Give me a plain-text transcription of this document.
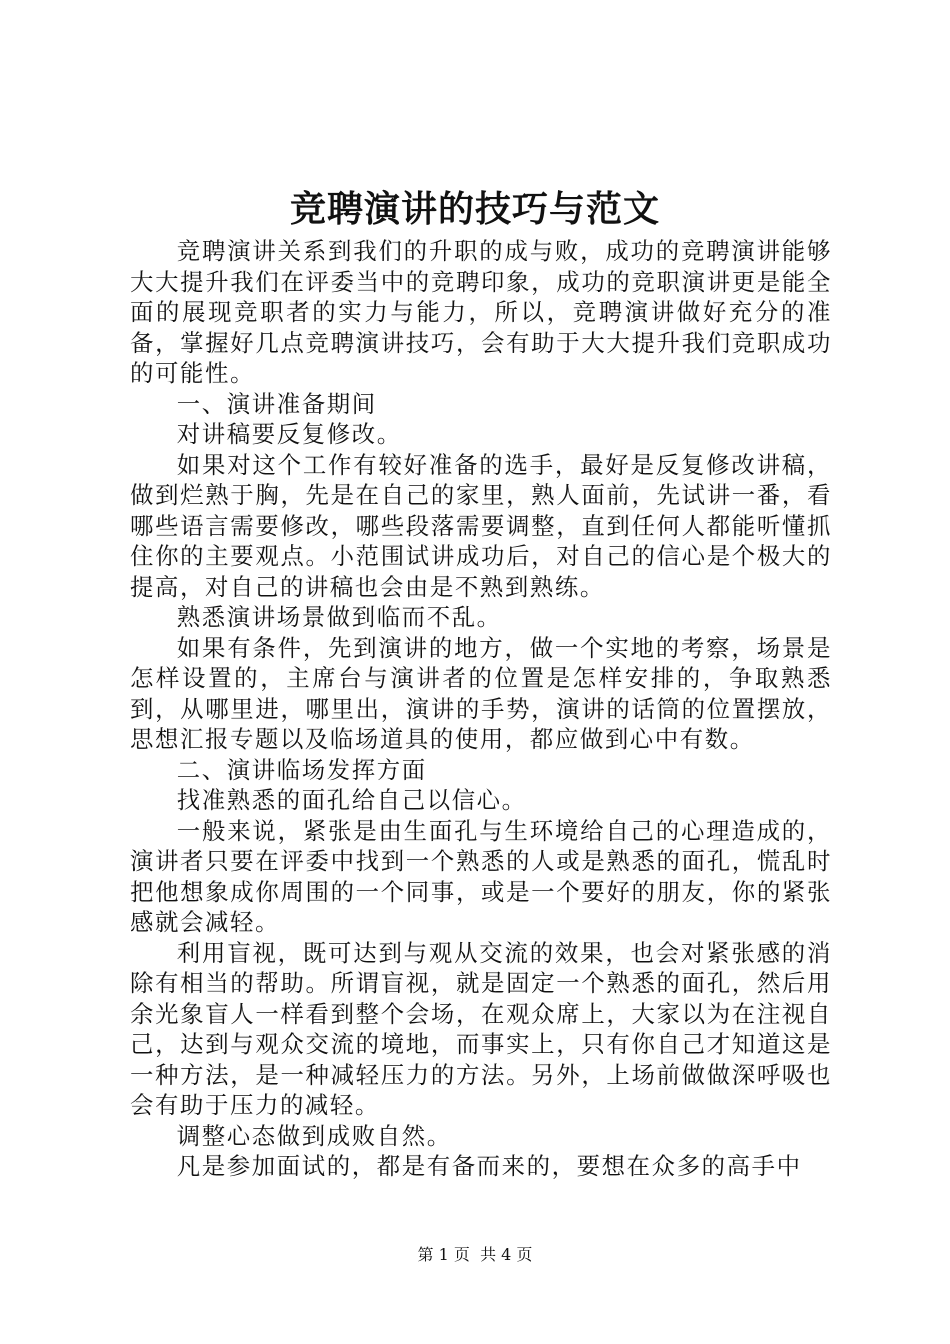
竞聘演讲的技巧与范文

竞聘演讲关系到我们的升职的成与败，成功的竞聘演讲能够大大提升我们在评委当中的竞聘印象，成功的竞职演讲更是能全面的展现竞职者的实力与能力，所以，竞聘演讲做好充分的准备，掌握好几点竞聘演讲技巧，会有助于大大提升我们竞职成功的可能性。

一、演讲准备期间

对讲稿要反复修改。

如果对这个工作有较好准备的选手，最好是反复修改讲稿，做到烂熟于胸，先是在自己的家里，熟人面前，先试讲一番，看哪些语言需要修改，哪些段落需要调整，直到任何人都能听懂抓住你的主要观点。小范围试讲成功后，对自己的信心是个极大的提高，对自己的讲稿也会由是不熟到熟练。

熟悉演讲场景做到临而不乱。

如果有条件，先到演讲的地方，做一个实地的考察，场景是怎样设置的，主席台与演讲者的位置是怎样安排的，争取熟悉到，从哪里进，哪里出，演讲的手势，演讲的话筒的位置摆放，思想汇报专题以及临场道具的使用，都应做到心中有数。

二、演讲临场发挥方面

找准熟悉的面孔给自己以信心。

一般来说，紧张是由生面孔与生环境给自己的心理造成的，演讲者只要在评委中找到一个熟悉的人或是熟悉的面孔，慌乱时把他想象成你周围的一个同事，或是一个要好的朋友，你的紧张感就会减轻。

利用盲视，既可达到与观从交流的效果，也会对紧张感的消除有相当的帮助。所谓盲视，就是固定一个熟悉的面孔，然后用余光象盲人一样看到整个会场，在观众席上，大家以为在注视自己，达到与观众交流的境地，而事实上，只有你自己才知道这是一种方法，是一种减轻压力的方法。另外，上场前做做深呼吸也会有助于压力的减轻。

调整心态做到成败自然。

凡是参加面试的，都是有备而来的，要想在众多的高手中

第 1 页  共 4 页
